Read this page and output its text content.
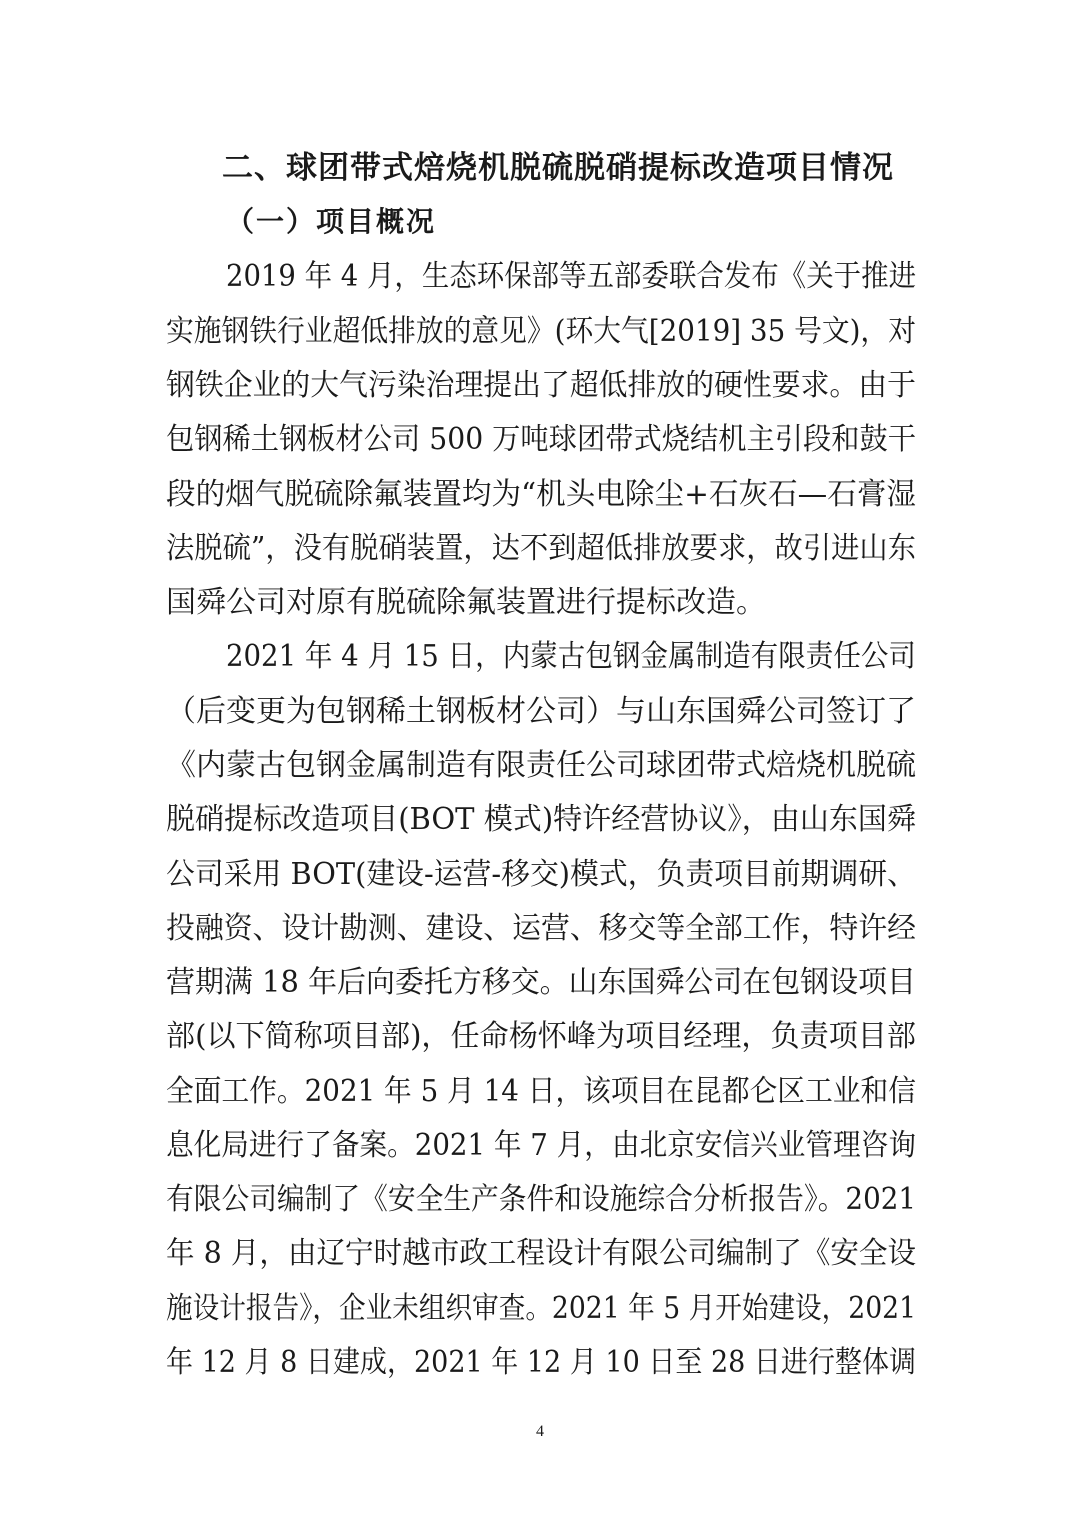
二、球团带式焙烧机脱硫脱硝提标改造项目情况
（一）项目概况
2019 年 4 月，生态环保部等五部委联合发布《关于推进
实施钢铁行业超低排放的意见》(环大气[2019] 35 号文)，对
钢铁企业的大气污染治理提出了超低排放的硬性要求。由于
包钢稀土钢板材公司 500 万吨球团带式烧结机主引段和鼓干
段的烟气脱硫除氟装置均为“机头电除尘+石灰石—石膏湿
法脱硫”，没有脱硝装置，达不到超低排放要求，故引进山东
国舜公司对原有脱硫除氟装置进行提标改造。
2021 年 4 月 15 日，内蒙古包钢金属制造有限责任公司
（后变更为包钢稀土钢板材公司）与山东国舜公司签订了
《内蒙古包钢金属制造有限责任公司球团带式焙烧机脱硫
脱硝提标改造项目(BOT 模式)特许经营协议》，由山东国舜
公司采用 BOT(建设-运营-移交)模式，负责项目前期调研、
投融资、设计勘测、建设、运营、移交等全部工作，特许经
营期满 18 年后向委托方移交。山东国舜公司在包钢设项目
部(以下简称项目部)，任命杨怀峰为项目经理，负责项目部
全面工作。2021 年 5 月 14 日，该项目在昆都仑区工业和信
息化局进行了备案。2021 年 7 月，由北京安信兴业管理咨询
有限公司编制了《安全生产条件和设施综合分析报告》。2021
年 8 月，由辽宁时越市政工程设计有限公司编制了《安全设
施设计报告》，企业未组织审查。2021 年 5 月开始建设，2021
年 12 月 8 日建成，2021 年 12 月 10 日至 28 日进行整体调
4
